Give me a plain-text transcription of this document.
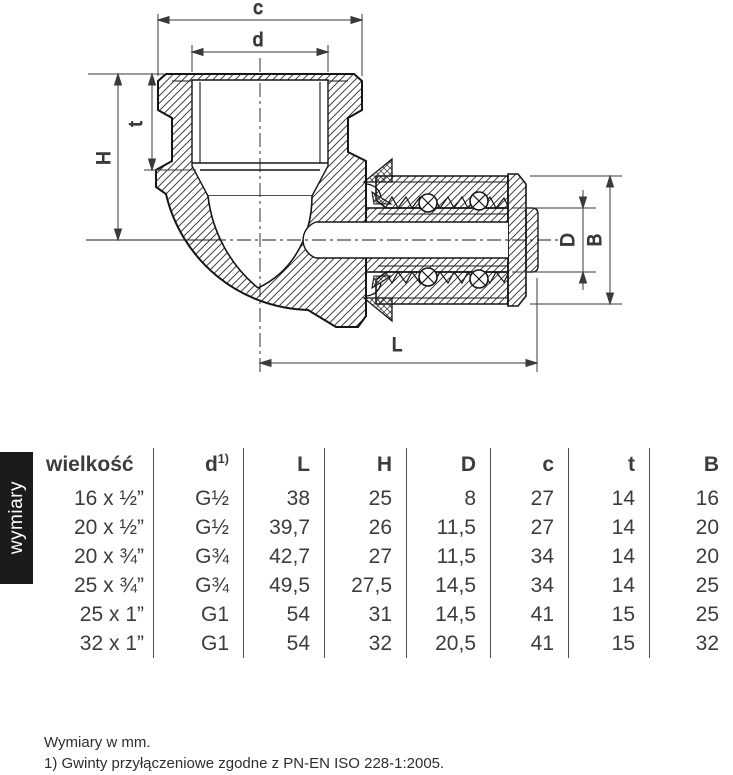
c
d
H
t
L
D B
wymiary
wielkość	$d^{1)}$	L	H	D	c	t	B
16 x ½”	G½	38	25	8	27	14	16
20 x ½”	G½	39,7	26	11,5	27	14	20
20 x ¾”	G¾	42,7	27	11,5	34	14	20
25 x ¾”	G¾	49,5	27,5	14,5	34	14	25
25 x 1”	G1	54	31	14,5	41	15	25
32 x 1”	G1	54	32	20,5	41	15	32
Wymiary w mm.
1) Gwinty przyłączeniowe zgodne z PN-EN ISO 228-1:2005.
